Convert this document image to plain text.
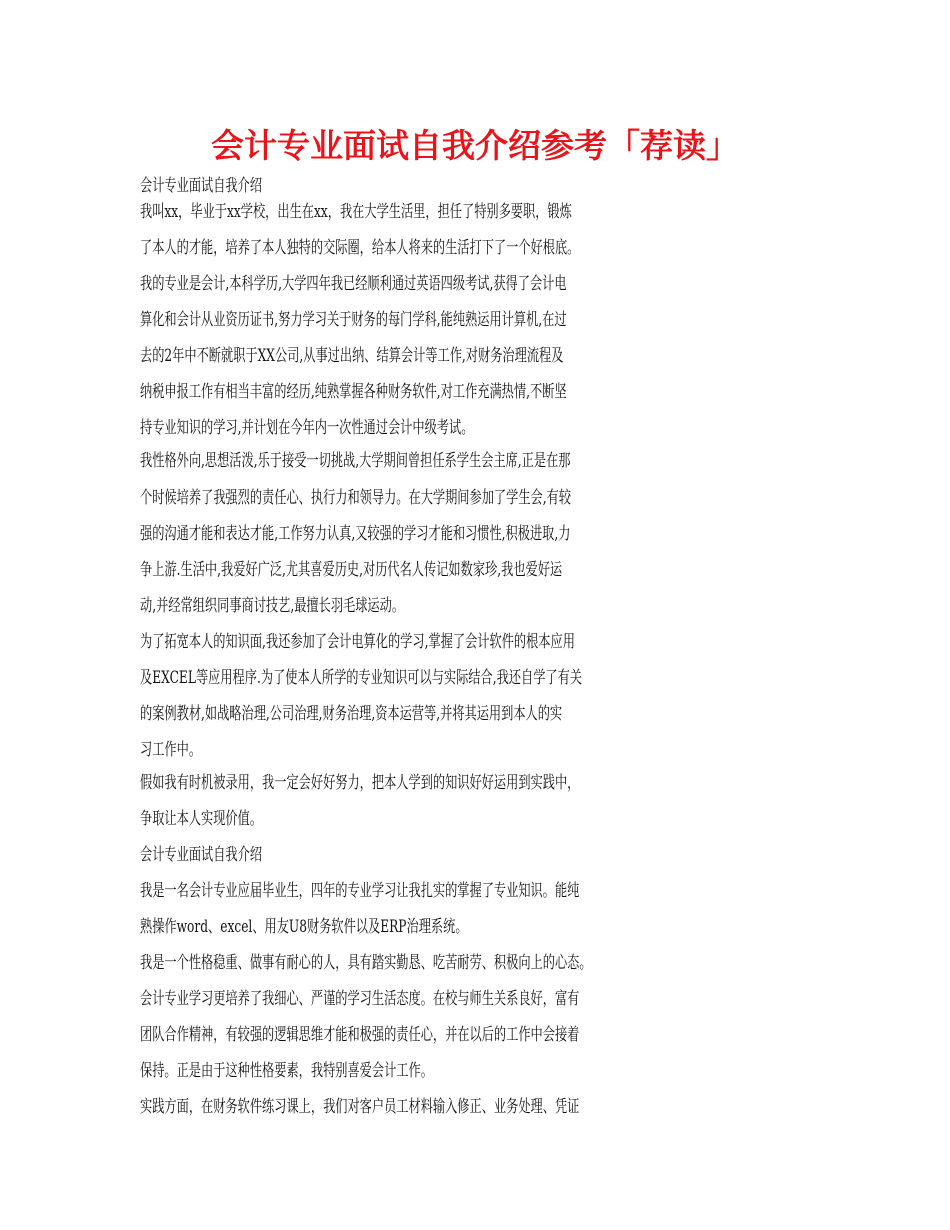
会计专业面试自我介绍参考「荐读」
会计专业面试自我介绍
我叫xx，毕业于xx学校，出生在xx，我在大学生活里，担任了特别多要职，锻炼
了本人的才能，培养了本人独特的交际圈，给本人将来的生活打下了一个好根底。
我的专业是会计,本科学历,大学四年我已经顺利通过英语四级考试,获得了会计电
算化和会计从业资历证书,努力学习关于财务的每门学科,能纯熟运用计算机,在过
去的2年中不断就职于XX公司,从事过出纳、结算会计等工作,对财务治理流程及
纳税申报工作有相当丰富的经历,纯熟掌握各种财务软件,对工作充满热情,不断坚
持专业知识的学习,并计划在今年内一次性通过会计中级考试。
我性格外向,思想活泼,乐于接受一切挑战,大学期间曾担任系学生会主席,正是在那
个时候培养了我强烈的责任心、执行力和领导力。在大学期间参加了学生会,有较
强的沟通才能和表达才能,工作努力认真,又较强的学习才能和习惯性,积极进取,力
争上游.生活中,我爱好广泛,尤其喜爱历史,对历代名人传记如数家珍,我也爱好运
动,并经常组织同事商讨技艺,最擅长羽毛球运动。
为了拓宽本人的知识面,我还参加了会计电算化的学习,掌握了会计软件的根本应用
及EXCEL等应用程序.为了使本人所学的专业知识可以与实际结合,我还自学了有关
的案例教材,如战略治理,公司治理,财务治理,资本运营等,并将其运用到本人的实
习工作中。
假如我有时机被录用，我一定会好好努力，把本人学到的知识好好运用到实践中，
争取让本人实现价值。
会计专业面试自我介绍
我是一名会计专业应届毕业生，四年的专业学习让我扎实的掌握了专业知识。能纯
熟操作word、excel、用友U8财务软件以及ERP治理系统。
我是一个性格稳重、做事有耐心的人，具有踏实勤恳、吃苦耐劳、积极向上的心态。
会计专业学习更培养了我细心、严谨的学习生活态度。在校与师生关系良好，富有
团队合作精神，有较强的逻辑思维才能和极强的责任心，并在以后的工作中会接着
保持。正是由于这种性格要素，我特别喜爱会计工作。
实践方面，在财务软件练习课上，我们对客户员工材料输入修正、业务处理、凭证
